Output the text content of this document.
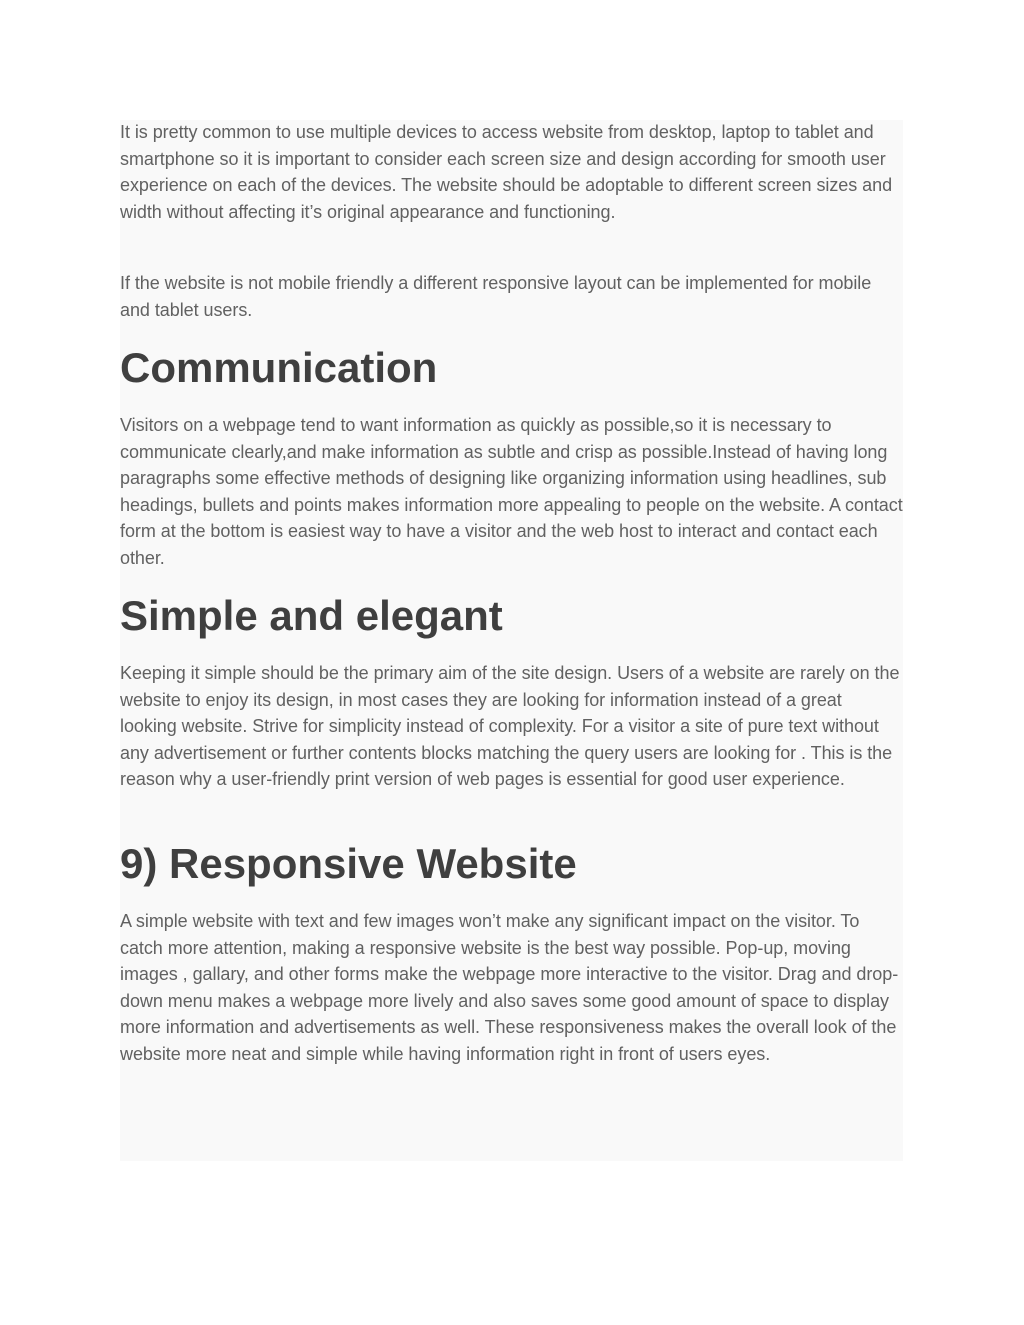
It is pretty common to use multiple devices to access website from desktop, laptop to tablet and smartphone so it is important to consider each screen size and design according for smooth user experience on each of the devices. The website should be adoptable to different screen sizes and width without affecting it’s original appearance and functioning.

If the website is not mobile friendly a different responsive layout can be implemented for mobile and tablet users.

Communication

Visitors on a webpage tend to want information as quickly as possible,so it is necessary to communicate clearly,and make information as subtle and crisp as possible.Instead of having long paragraphs some effective methods of designing like organizing information using headlines, sub headings, bullets and points makes information more appealing to people on the website. A contact form at the bottom is easiest way to have a visitor and the web host to interact and contact each other.

Simple and elegant

Keeping it simple should be the primary aim of the site design. Users of a website are rarely on the website to enjoy its design, in most cases they are looking for information instead of a great looking website. Strive for simplicity instead of complexity. For a visitor a site of pure text without any advertisement or further contents blocks matching the query users are looking for . This is the reason why a user-friendly print version of web pages is essential for good user experience.

9) Responsive Website

A simple website with text and few images won’t make any significant impact on the visitor. To catch more attention, making a responsive website is the best way possible. Pop-up, moving images , gallary, and other forms make the webpage more interactive to the visitor. Drag and drop-down menu makes a webpage more lively and also saves some good amount of space to display more information and advertisements as well. These responsiveness makes the overall look of the website more neat and simple while having information right in front of users eyes.
